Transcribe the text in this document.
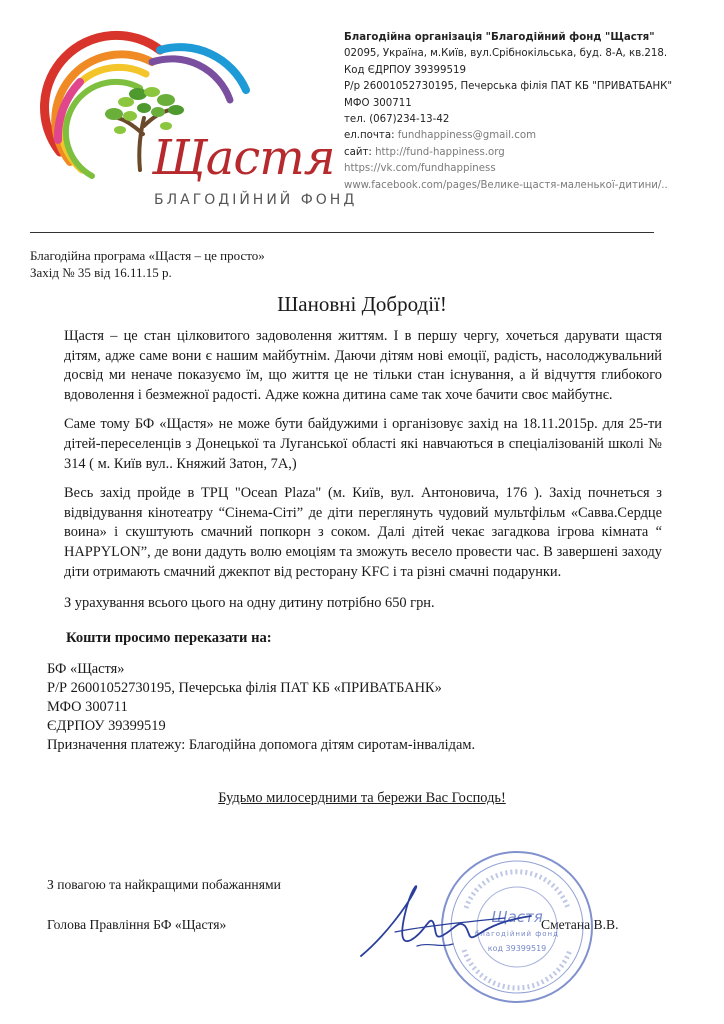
Щастя
БЛАГОДІЙНИЙ ФОНД
Благодійна організація "Благодійний фонд "Щастя"
02095, Україна, м.Київ, вул.Срібнокільська, буд. 8-А, кв.218.
Код ЄДРПОУ 39399519
Р/р 26001052730195, Печерська філія ПАТ КБ "ПРИВАТБАНК"
МФО 300711
тел. (067)234-13-42
ел.почта: fundhappiness@gmail.com
сайт: http://fund-happiness.org
https://vk.com/fundhappiness
www.facebook.com/pages/Велике-щастя-маленької-дитини/..
Благодійна програма «Щастя – це просто»
Захід № 35 від 16.11.15 р.
Шановні Добродії!

Щастя – це стан цілковитого задоволення життям. І в першу чергу, хочеться дарувати щастя дітям, адже саме вони є нашим майбутнім. Даючи дітям нові емоції, радість, насолоджувальний досвід ми неначе показуємо їм, що життя це не тільки стан існування, а й відчуття глибокого вдоволення і безмежної радості. Адже кожна дитина саме так хоче бачити своє майбутнє.

Саме тому БФ «Щастя» не може бути байдужими і організовує захід на 18.11.2015р. для 25-ти дітей-переселенців з Донецької та Луганської області які навчаються в спеціалізованій школі № 314 ( м. Київ вул.. Княжий Затон, 7А,)

Весь захід пройде в ТРЦ "Ocean Plaza" (м. Київ, вул. Антоновича, 176 ). Захід почнеться з відвідування кінотеатру “Сінема-Сіті” де діти переглянуть чудовий мультфільм «Савва.Сердце воина» і скуштують смачний попкорн з соком. Далі дітей чекає загадкова ігрова кімната “ HAPPYLON”, де вони дадуть волю емоціям та зможуть весело провести час. В завершені заходу діти отримають смачний джекпот від ресторану KFC і та різні смачні подарунки.

З урахування всього цього на одну дитину потрібно 650 грн.

Кошти просимо переказати на:
БФ «Щастя»
Р/Р 26001052730195, Печерська філія ПАТ КБ «ПРИВАТБАНК»
МФО 300711
ЄДРПОУ 39399519
Призначення платежу: Благодійна допомога дітям сиротам-інвалідам.
Будьмо милосердними та бережи Вас Господь!
З повагою та найкращими побажаннями
Голова Правління БФ «Щастя»	Сметана В.В.
Щастя
благодійний фонд
код 39399519
